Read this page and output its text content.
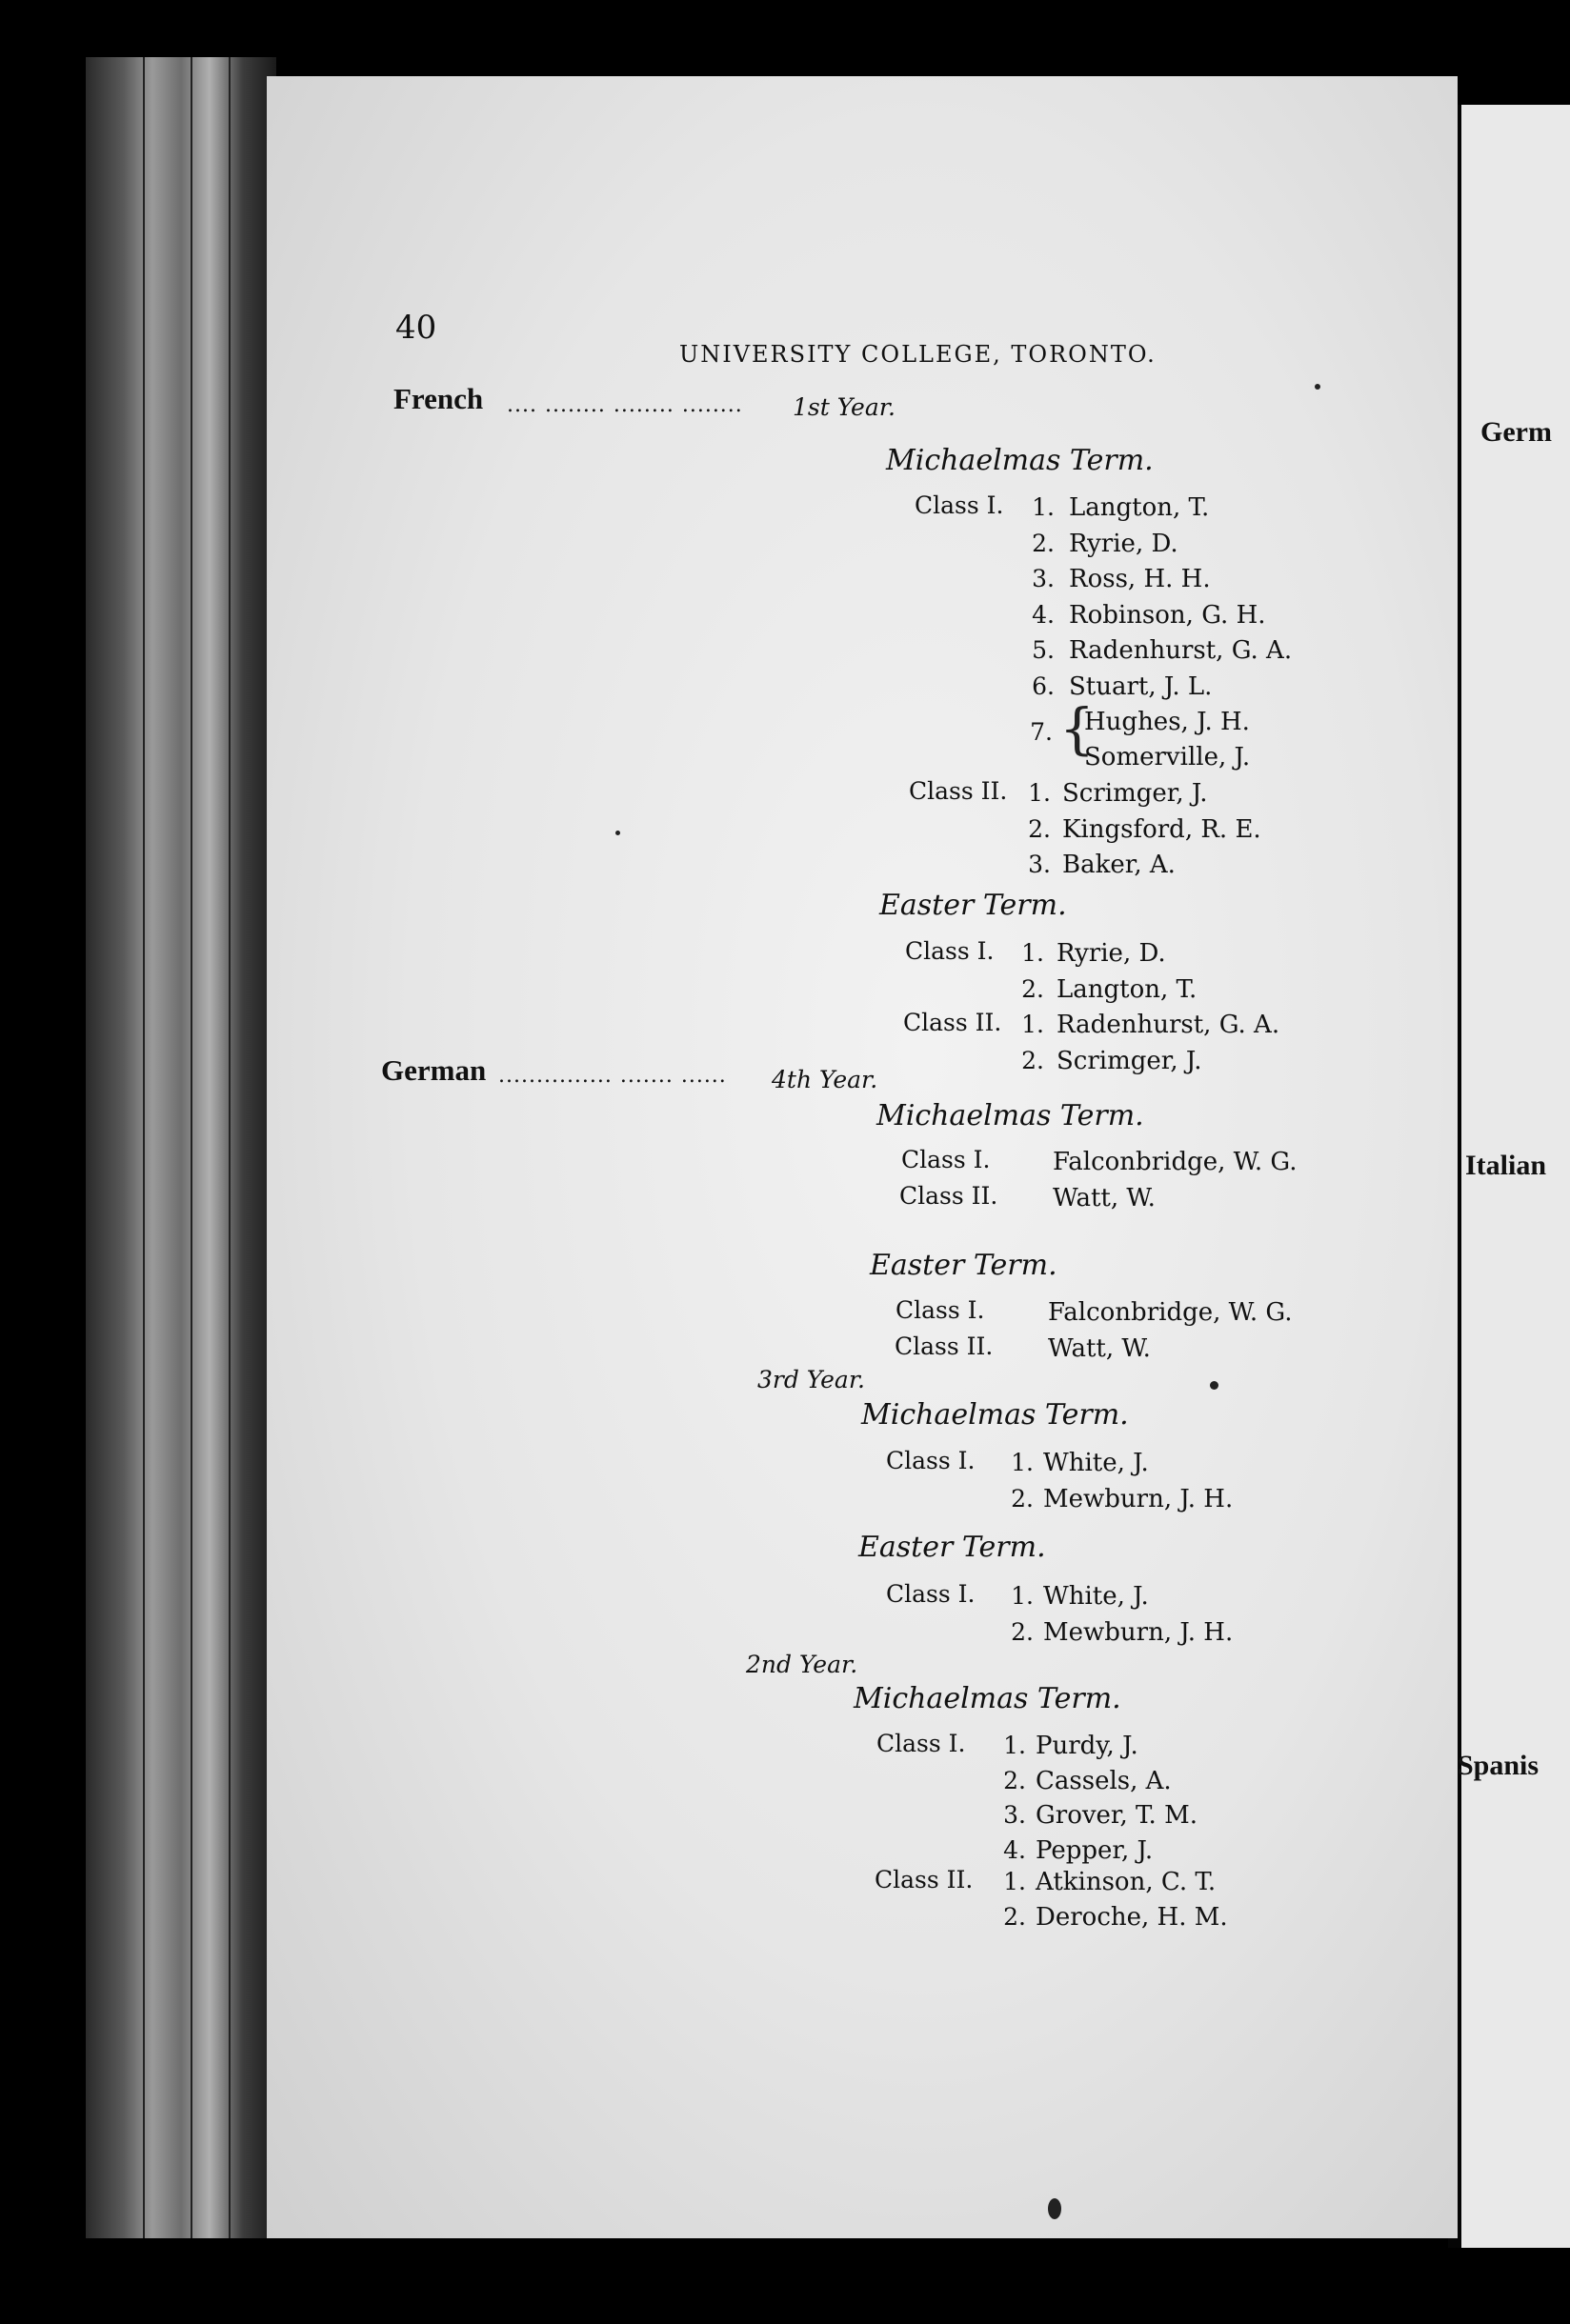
Germ
Italian
Spanis
40
UNIVERSITY COLLEGE, TORONTO.
French .... ........ ........ ........ 1st Year.
Michaelmas Term.
Class I. 1. Langton, T.
2. Ryrie, D.
3. Ross, H. H.
4. Robinson, G. H.
5. Radenhurst, G. A.
6. Stuart, J. L.
7. {
Hughes, J. H.
Somerville, J.
Class II. 1. Scrimger, J.
2. Kingsford, R. E.
3. Baker, A.
Easter Term.
Class I. 1. Ryrie, D.
2. Langton, T.
Class II. 1. Radenhurst, G. A.
2. Scrimger, J.
German ............... ....... ...... 4th Year.
Michaelmas Term.
Class I.	Falconbridge, W. G.
Class II. Watt, W.
Easter Term.
Class I.	Falconbridge, W. G.
Class II. Watt, W.
3rd Year.
Michaelmas Term.
Class I. 1. White, J.
2. Mewburn, J. H.
Easter Term.
Class I. 1. White, J.
2. Mewburn, J. H.
2nd Year.
Michaelmas Term.
Class I. 1. Purdy, J.
2. Cassels, A.
3. Grover, T. M.
4. Pepper, J.
Class II. 1. Atkinson, C. T.
2. Deroche, H. M.
